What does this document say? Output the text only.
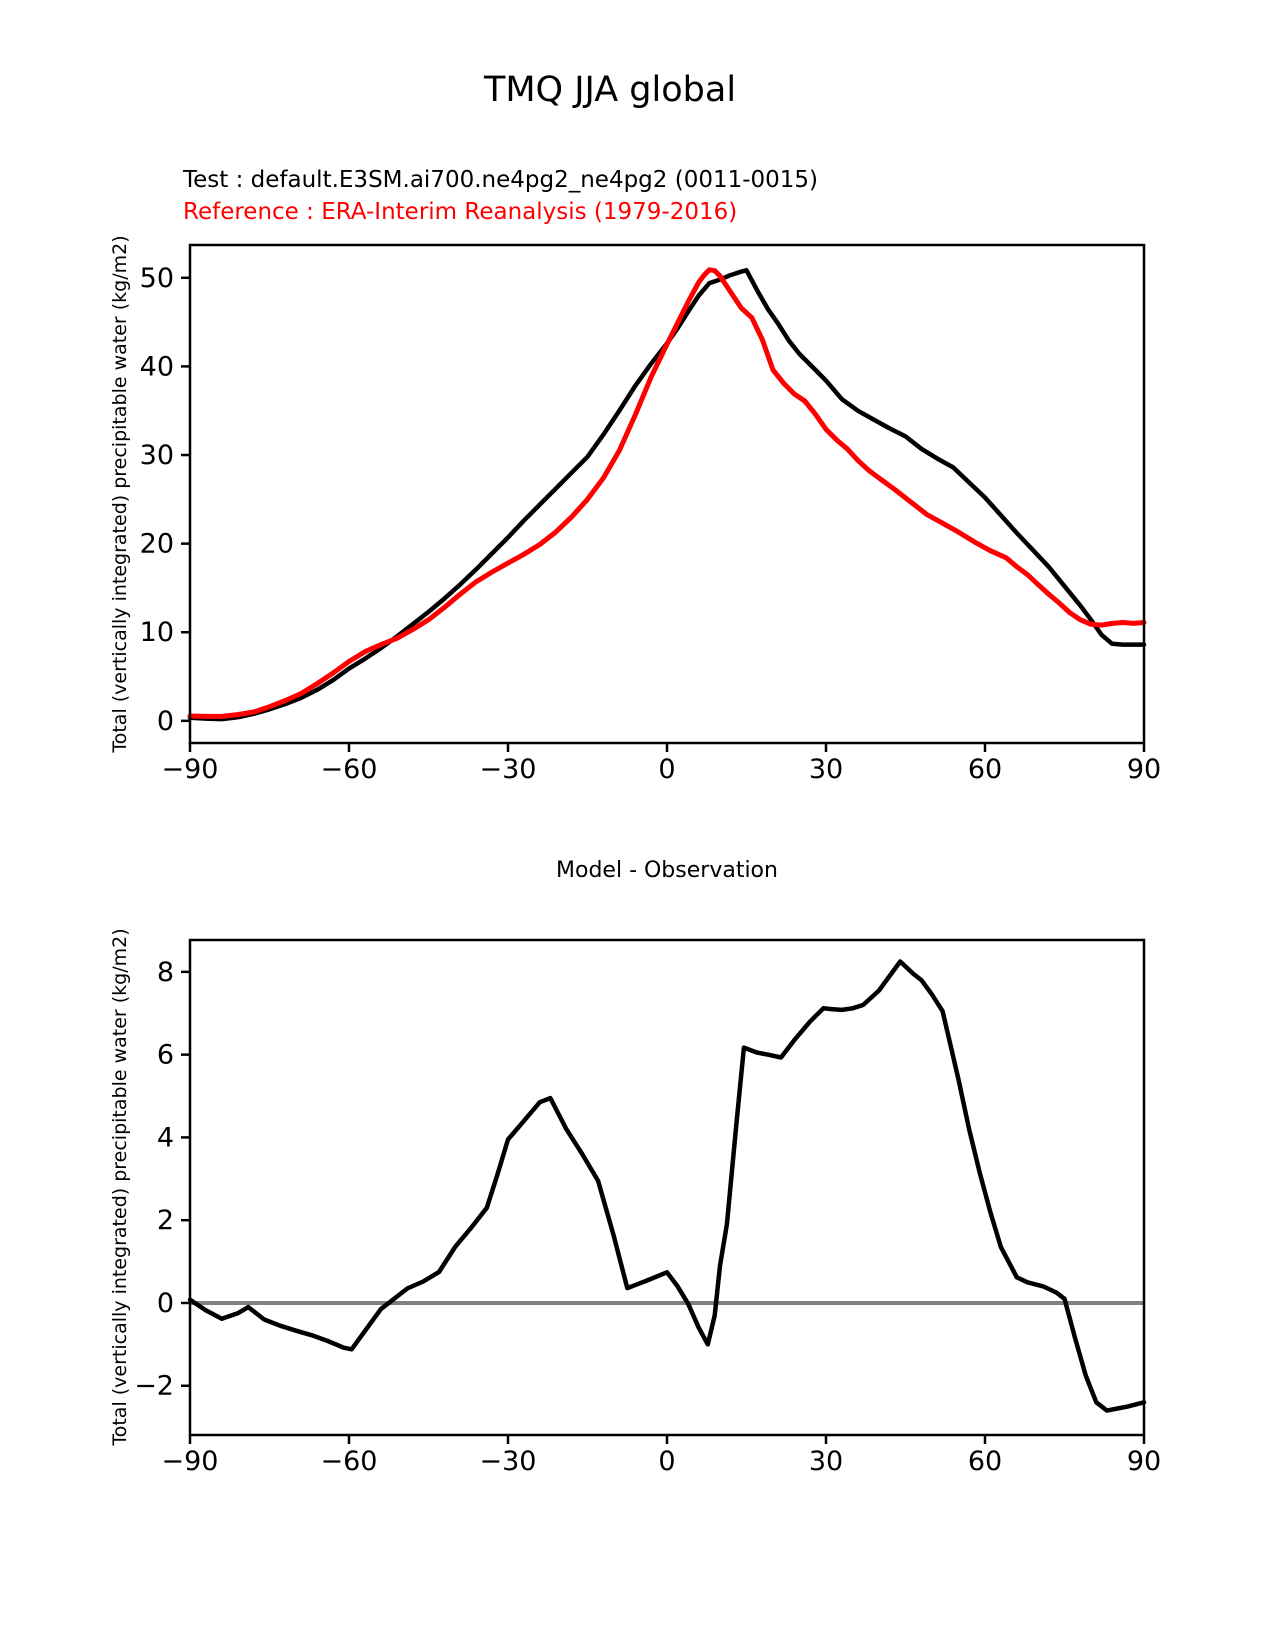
TMQ JJA global
Test : default.E3SM.ai700.ne4pg2_ne4pg2 (0011-0015)
Reference : ERA-Interim Reanalysis (1979-2016)
Total (vertically integrated) precipitable water (kg/m2)
Model - Observation
Total (vertically integrated) precipitable water (kg/m2)
−90	−60	−30	0	30	60	90
0
10
20
30
40
50
−90	−60	−30	0	30	60	90
−2
0
2
4
6
8
